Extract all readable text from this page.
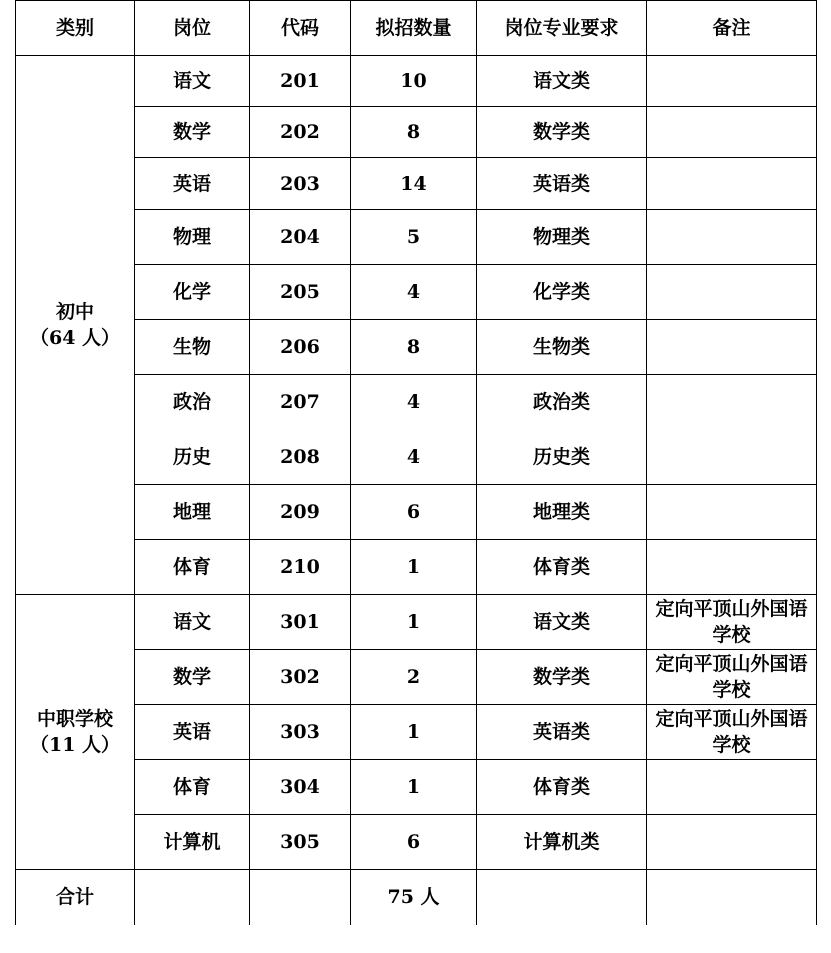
类别	岗位	代码	拟招数量	岗位专业要求	备注

初中
（64 人）	语文	201	10	语文类	
	数学	202	8	数学类	
	英语	203	14	英语类	
	物理	204	5	物理类	
	化学	205	4	化学类	
	生物	206	8	生物类	
	政治	207	4	政治类	
	历史	208	4	历史类	
	地理	209	6	地理类	
	体育	210	1	体育类	

中职学校
（11 人）	语文	301	1	语文类	定向平顶山外国语学校
	数学	302	2	数学类	定向平顶山外国语学校
	英语	303	1	英语类	定向平顶山外国语学校
	体育	304	1	体育类	
	计算机	305	6	计算机类	
合计			75 人		
